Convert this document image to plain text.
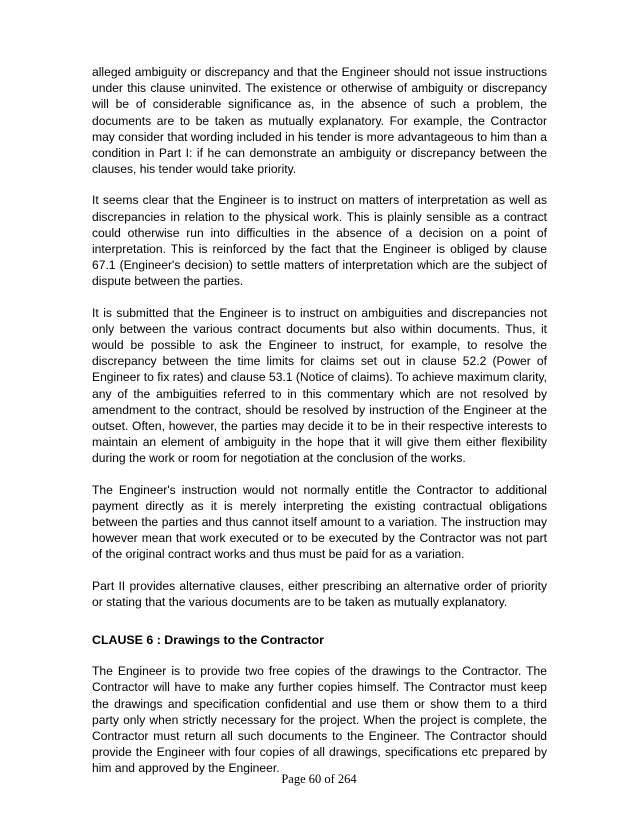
alleged ambiguity or discrepancy and that the Engineer should not issue instructions under this clause uninvited. The existence or otherwise of ambiguity or discrepancy will be of considerable significance as, in the absence of such a problem, the documents are to be taken as mutually explanatory. For example, the Contractor may consider that wording included in his tender is more advantageous to him than a condition in Part I: if he can demonstrate an ambiguity or discrepancy between the clauses, his tender would take priority.

It seems clear that the Engineer is to instruct on matters of interpretation as well as discrepancies in relation to the physical work. This is plainly sensible as a contract could otherwise run into difficulties in the absence of a decision on a point of interpretation. This is reinforced by the fact that the Engineer is obliged by clause 67.1 (Engineer's decision) to settle matters of interpretation which are the subject of dispute between the parties.

It is submitted that the Engineer is to instruct on ambiguities and discrepancies not only between the various contract documents but also within documents. Thus, it would be possible to ask the Engineer to instruct, for example, to resolve the discrepancy between the time limits for claims set out in clause 52.2 (Power of Engineer to fix rates) and clause 53.1 (Notice of claims). To achieve maximum clarity, any of the ambiguities referred to in this commentary which are not resolved by amendment to the contract, should be resolved by instruction of the Engineer at the outset. Often, however, the parties may decide it to be in their respective interests to maintain an element of ambiguity in the hope that it will give them either flexibility during the work or room for negotiation at the conclusion of the works.

The Engineer's instruction would not normally entitle the Contractor to additional payment directly as it is merely interpreting the existing contractual obligations between the parties and thus cannot itself amount to a variation. The instruction may however mean that work executed or to be executed by the Contractor was not part of the original contract works and thus must be paid for as a variation.

Part II provides alternative clauses, either prescribing an alternative order of priority or stating that the various documents are to be taken as mutually explanatory.

CLAUSE 6 : Drawings to the Contractor

The Engineer is to provide two free copies of the drawings to the Contractor. The Contractor will have to make any further copies himself. The Contractor must keep the drawings and specification confidential and use them or show them to a third party only when strictly necessary for the project. When the project is complete, the Contractor must return all such documents to the Engineer. The Contractor should provide the Engineer with four copies of all drawings, specifications etc prepared by him and approved by the Engineer.

Page 60 of 264
